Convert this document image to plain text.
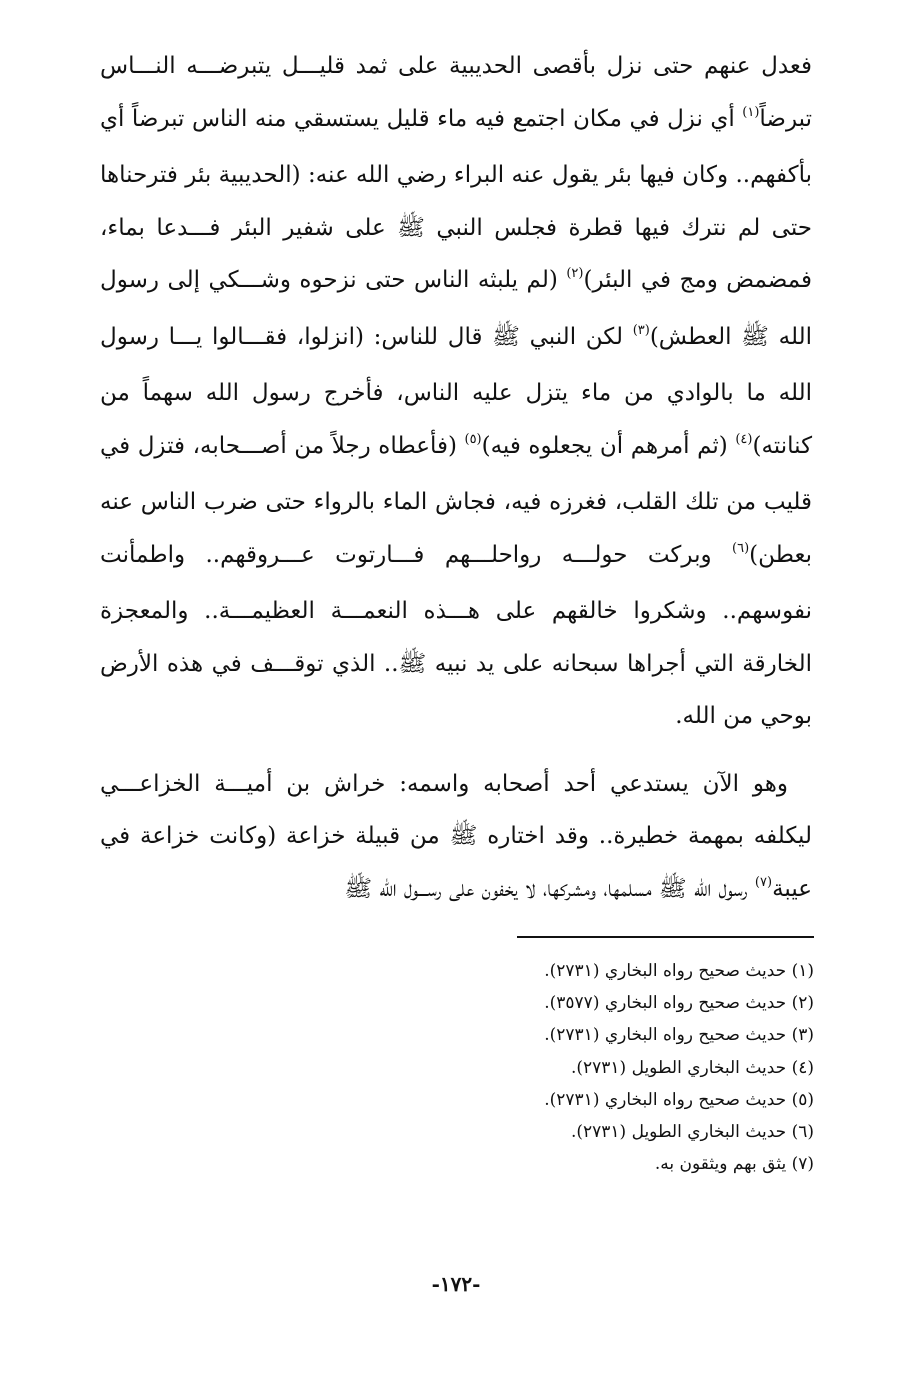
فعدل عنهم حتى نزل بأقصى الحديبية على ثمد قليـــل يتبرضـــه النـــاس تبرضاً$^{(١)}$ أي نزل في مكان اجتمع فيه ماء قليل يستسقي منه الناس تبرضاً أي بأكفهم.. وكان فيها بئر يقول عنه البراء رضي الله عنه: (الحديبية بئر فترحناها حتى لم نترك فيها قطرة فجلس النبي ﷺ على شفير البئر فـــدعا بماء، فمضمض ومج في البئر)$^{(٢)}$ (لم يلبثه الناس حتى نزحوه وشـــكي إلى رسول الله ﷺ العطش)$^{(٣)}$ لكن النبي ﷺ قال للناس: (انزلوا، فقـــالوا يـــا رسول الله ما بالوادي من ماء يتزل عليه الناس، فأخرج رسول الله سهماً من كنانته)$^{(٤)}$ (ثم أمرهم أن يجعلوه فيه)$^{(٥)}$ (فأعطاه رجلاً من أصـــحابه، فتزل في قليب من تلك القلب، فغرزه فيه، فجاش الماء بالرواء حتى ضرب الناس عنه بعطن)$^{(٦)}$ وبركت حولـــه رواحلـــهم فـــارتوت عـــروقهم.. واطمأنت نفوسهم.. وشكروا خالقهم على هـــذه النعمـــة العظيمـــة.. والمعجزة الخارقة التي أجراها سبحانه على يد نبيه ﷺ.. الذي توقـــف في هذه الأرض بوحي من الله.

وهو الآن يستدعي أحد أصحابه واسمه: خراش بن أميـــة الخزاعـــي ليكلفه بمهمة خطيرة.. وقد اختاره ﷺ من قبيلة خزاعة (وكانت خزاعة في عيبة$^{(٧)}$ رسول الله ﷺ مسلمها، ومشركها، لا يخفون على رســـول الله ﷺ

(١) حديث صحيح رواه البخاري (٢٧٣١).
(٢) حديث صحيح رواه البخاري (٣٥٧٧).
(٣) حديث صحيح رواه البخاري (٢٧٣١).
(٤) حديث البخاري الطويل (٢٧٣١).
(٥) حديث صحيح رواه البخاري (٢٧٣١).
(٦) حديث البخاري الطويل (٢٧٣١).
(٧) يثق بهم ويثقون به.
-١٧٢-
